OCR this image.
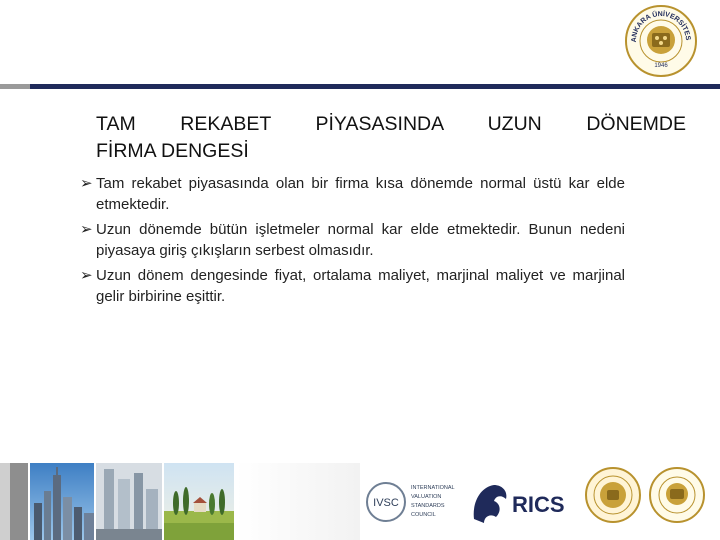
ANKARA ÜNİVERSİTES
1946
TAM REKABET PİYASASINDA UZUN DÖNEMDE
FİRMA DENGESİ
➢ Tam rekabet piyasasında olan bir firma kısa dönemde normal üstü kar elde etmektedir.
➢ Uzun dönemde bütün işletmeler normal kar elde etmektedir. Bunun nedeni piyasaya giriş çıkışların serbest olmasıdır.
➢ Uzun dönem dengesinde fiyat, ortalama maliyet, marjinal maliyet ve marjinal gelir birbirine eşittir.
IVSC
INTERNATIONAL
VALUATION
STANDARDS
COUNCIL	RICS
